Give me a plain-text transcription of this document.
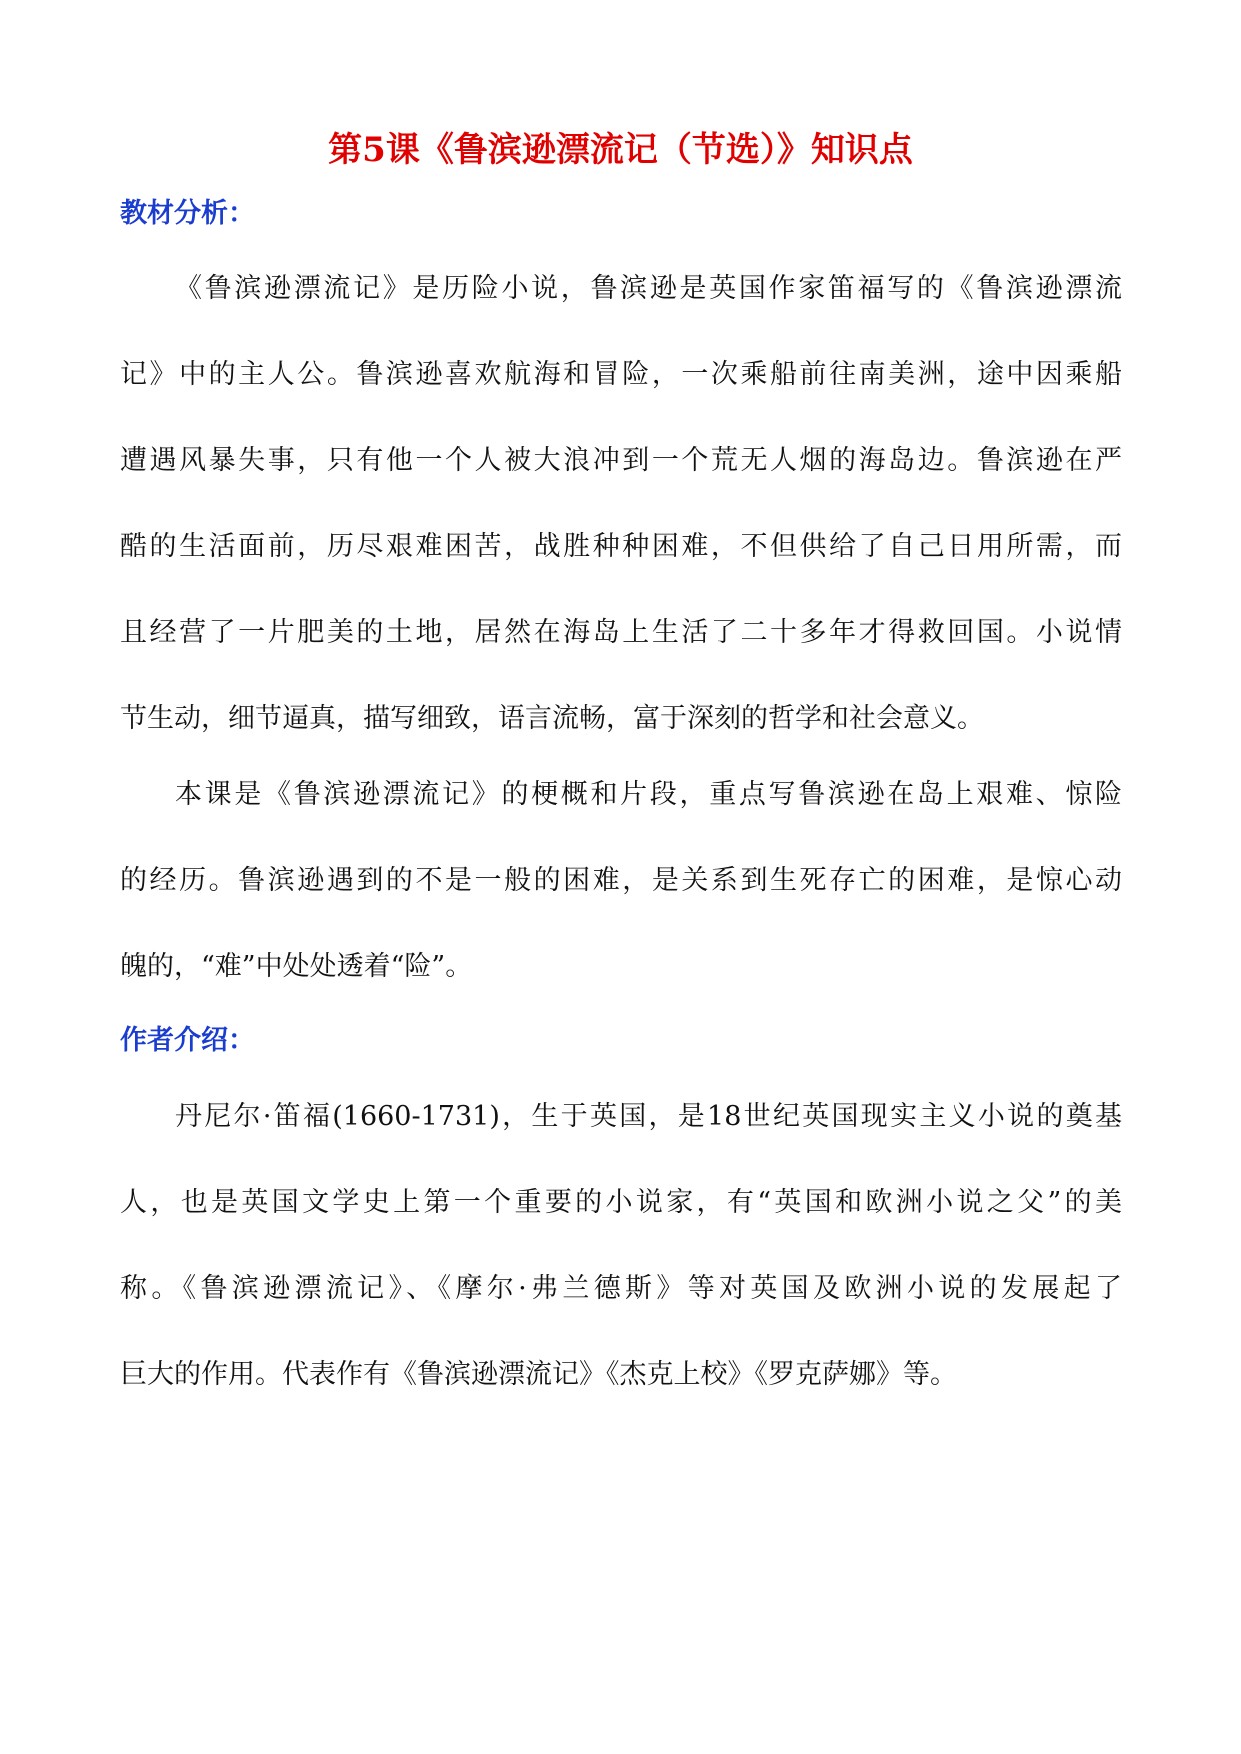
第5课《鲁滨逊漂流记（节选）》知识点
教材分析：

《鲁滨逊漂流记》是历险小说，鲁滨逊是英国作家笛福写的《鲁滨逊漂流

记》中的主人公。鲁滨逊喜欢航海和冒险，一次乘船前往南美洲，途中因乘船

遭遇风暴失事，只有他一个人被大浪冲到一个荒无人烟的海岛边。鲁滨逊在严

酷的生活面前，历尽艰难困苦，战胜种种困难，不但供给了自己日用所需，而

且经营了一片肥美的土地，居然在海岛上生活了二十多年才得救回国。小说情

节生动，细节逼真，描写细致，语言流畅，富于深刻的哲学和社会意义。

本课是《鲁滨逊漂流记》的梗概和片段，重点写鲁滨逊在岛上艰难、惊险

的经历。鲁滨逊遇到的不是一般的困难，是关系到生死存亡的困难，是惊心动

魄的，“难”中处处透着“险”。

作者介绍：

丹尼尔·笛福(1660-1731)，生于英国，是18世纪英国现实主义小说的奠基

人，也是英国文学史上第一个重要的小说家，有“英国和欧洲小说之父”的美

称。《鲁滨逊漂流记》、《摩尔·弗兰德斯》等对英国及欧洲小说的发展起了

巨大的作用。代表作有《鲁滨逊漂流记》《杰克上校》《罗克萨娜》等。
